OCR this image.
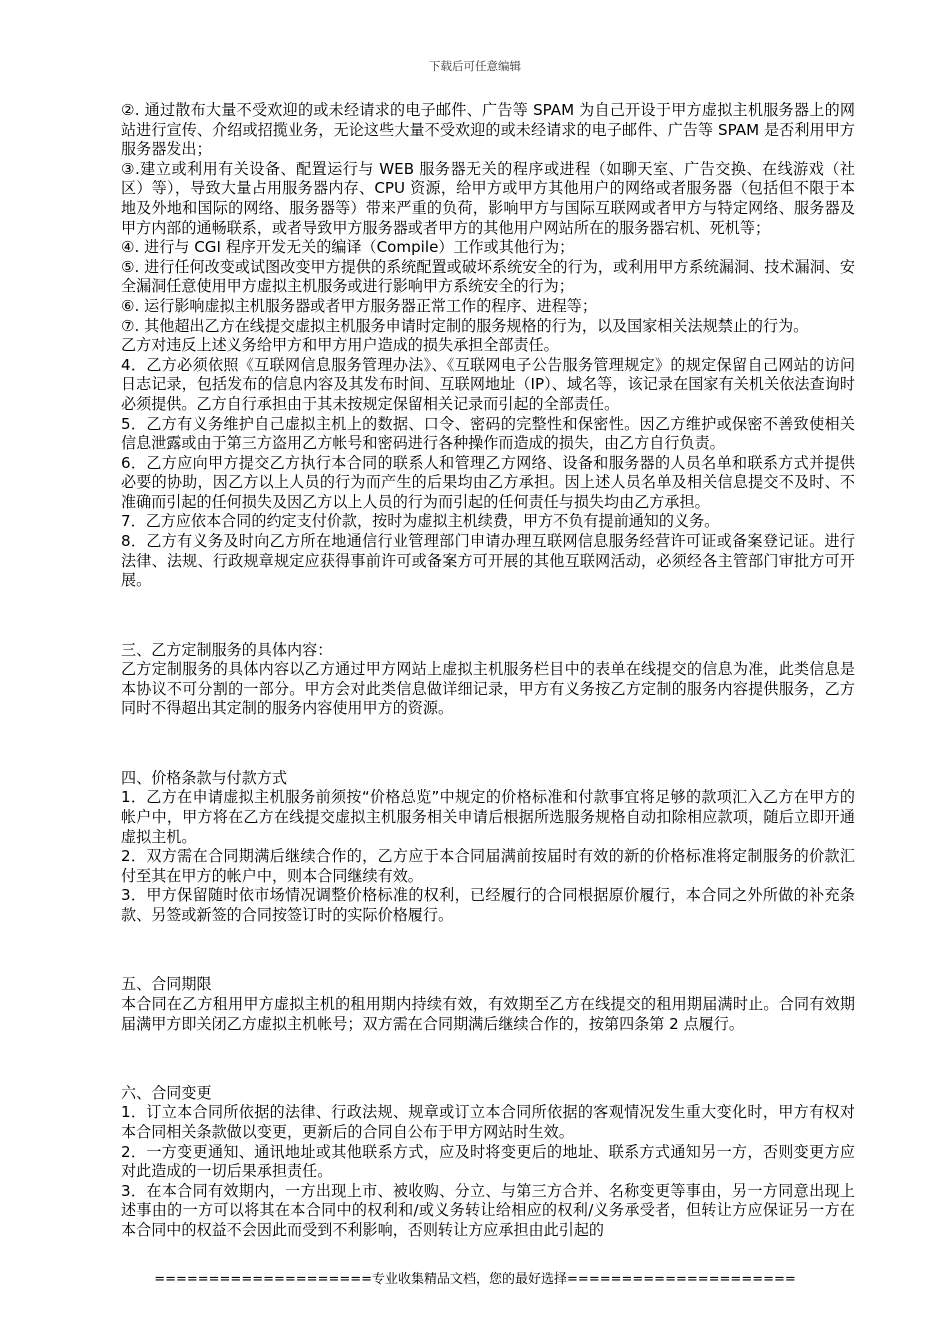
下载后可任意编辑

②. 通过散布大量不受欢迎的或未经请求的电子邮件、广告等 SPAM 为自己开设于甲方虚拟主机服务器上的网站进行宣传、介绍或招揽业务，无论这些大量不受欢迎的或未经请求的电子邮件、广告等 SPAM 是否利用甲方服务器发出；

③.建立或利用有关设备、配置运行与 WEB 服务器无关的程序或进程（如聊天室、广告交换、在线游戏（社区）等），导致大量占用服务器内存、CPU 资源，给甲方或甲方其他用户的网络或者服务器（包括但不限于本地及外地和国际的网络、服务器等）带来严重的负荷，影响甲方与国际互联网或者甲方与特定网络、服务器及甲方内部的通畅联系，或者导致甲方服务器或者甲方的其他用户网站所在的服务器宕机、死机等；

④. 进行与 CGI 程序开发无关的编译（Compile）工作或其他行为；

⑤. 进行任何改变或试图改变甲方提供的系统配置或破坏系统安全的行为，或利用甲方系统漏洞、技术漏洞、安全漏洞任意使用甲方虚拟主机服务或进行影响甲方系统安全的行为；

⑥. 运行影响虚拟主机服务器或者甲方服务器正常工作的程序、进程等；

⑦. 其他超出乙方在线提交虚拟主机服务申请时定制的服务规格的行为，以及国家相关法规禁止的行为。

乙方对违反上述义务给甲方和甲方用户造成的损失承担全部责任。

4．乙方必须依照《互联网信息服务管理办法》、《互联网电子公告服务管理规定》的规定保留自己网站的访问日志记录，包括发布的信息内容及其发布时间、互联网地址（IP）、域名等，该记录在国家有关机关依法查询时必须提供。乙方自行承担由于其未按规定保留相关记录而引起的全部责任。

5．乙方有义务维护自己虚拟主机上的数据、口令、密码的完整性和保密性。因乙方维护或保密不善致使相关信息泄露或由于第三方盗用乙方帐号和密码进行各种操作而造成的损失，由乙方自行负责。

6．乙方应向甲方提交乙方执行本合同的联系人和管理乙方网络、设备和服务器的人员名单和联系方式并提供必要的协助，因乙方以上人员的行为而产生的后果均由乙方承担。因上述人员名单及相关信息提交不及时、不准确而引起的任何损失及因乙方以上人员的行为而引起的任何责任与损失均由乙方承担。

7．乙方应依本合同的约定支付价款，按时为虚拟主机续费，甲方不负有提前通知的义务。

8．乙方有义务及时向乙方所在地通信行业管理部门申请办理互联网信息服务经营许可证或备案登记证。进行法律、法规、行政规章规定应获得事前许可或备案方可开展的其他互联网活动，必须经各主管部门审批方可开展。

三、乙方定制服务的具体内容：

乙方定制服务的具体内容以乙方通过甲方网站上虚拟主机服务栏目中的表单在线提交的信息为准，此类信息是本协议不可分割的一部分。甲方会对此类信息做详细记录，甲方有义务按乙方定制的服务内容提供服务，乙方同时不得超出其定制的服务内容使用甲方的资源。

四、价格条款与付款方式

1．乙方在申请虚拟主机服务前须按“价格总览”中规定的价格标准和付款事宜将足够的款项汇入乙方在甲方的帐户中，甲方将在乙方在线提交虚拟主机服务相关申请后根据所选服务规格自动扣除相应款项，随后立即开通虚拟主机。

2．双方需在合同期满后继续合作的，乙方应于本合同届满前按届时有效的新的价格标准将定制服务的价款汇付至其在甲方的帐户中，则本合同继续有效。

3．甲方保留随时依市场情况调整价格标准的权利，已经履行的合同根据原价履行，本合同之外所做的补充条款、另签或新签的合同按签订时的实际价格履行。

五、合同期限

本合同在乙方租用甲方虚拟主机的租用期内持续有效，有效期至乙方在线提交的租用期届满时止。合同有效期届满甲方即关闭乙方虚拟主机帐号；双方需在合同期满后继续合作的，按第四条第 2 点履行。

六、合同变更

1．订立本合同所依据的法律、行政法规、规章或订立本合同所依据的客观情况发生重大变化时，甲方有权对本合同相关条款做以变更，更新后的合同自公布于甲方网站时生效。

2．一方变更通知、通讯地址或其他联系方式，应及时将变更后的地址、联系方式通知另一方，否则变更方应对此造成的一切后果承担责任。

3．在本合同有效期内，一方出现上市、被收购、分立、与第三方合并、名称变更等事由，另一方同意出现上述事由的一方可以将其在本合同中的权利和/或义务转让给相应的权利/义务承受者，但转让方应保证另一方在本合同中的权益不会因此而受到不利影响，否则转让方应承担由此引起的

====================专业收集精品文档，您的最好选择=====================
